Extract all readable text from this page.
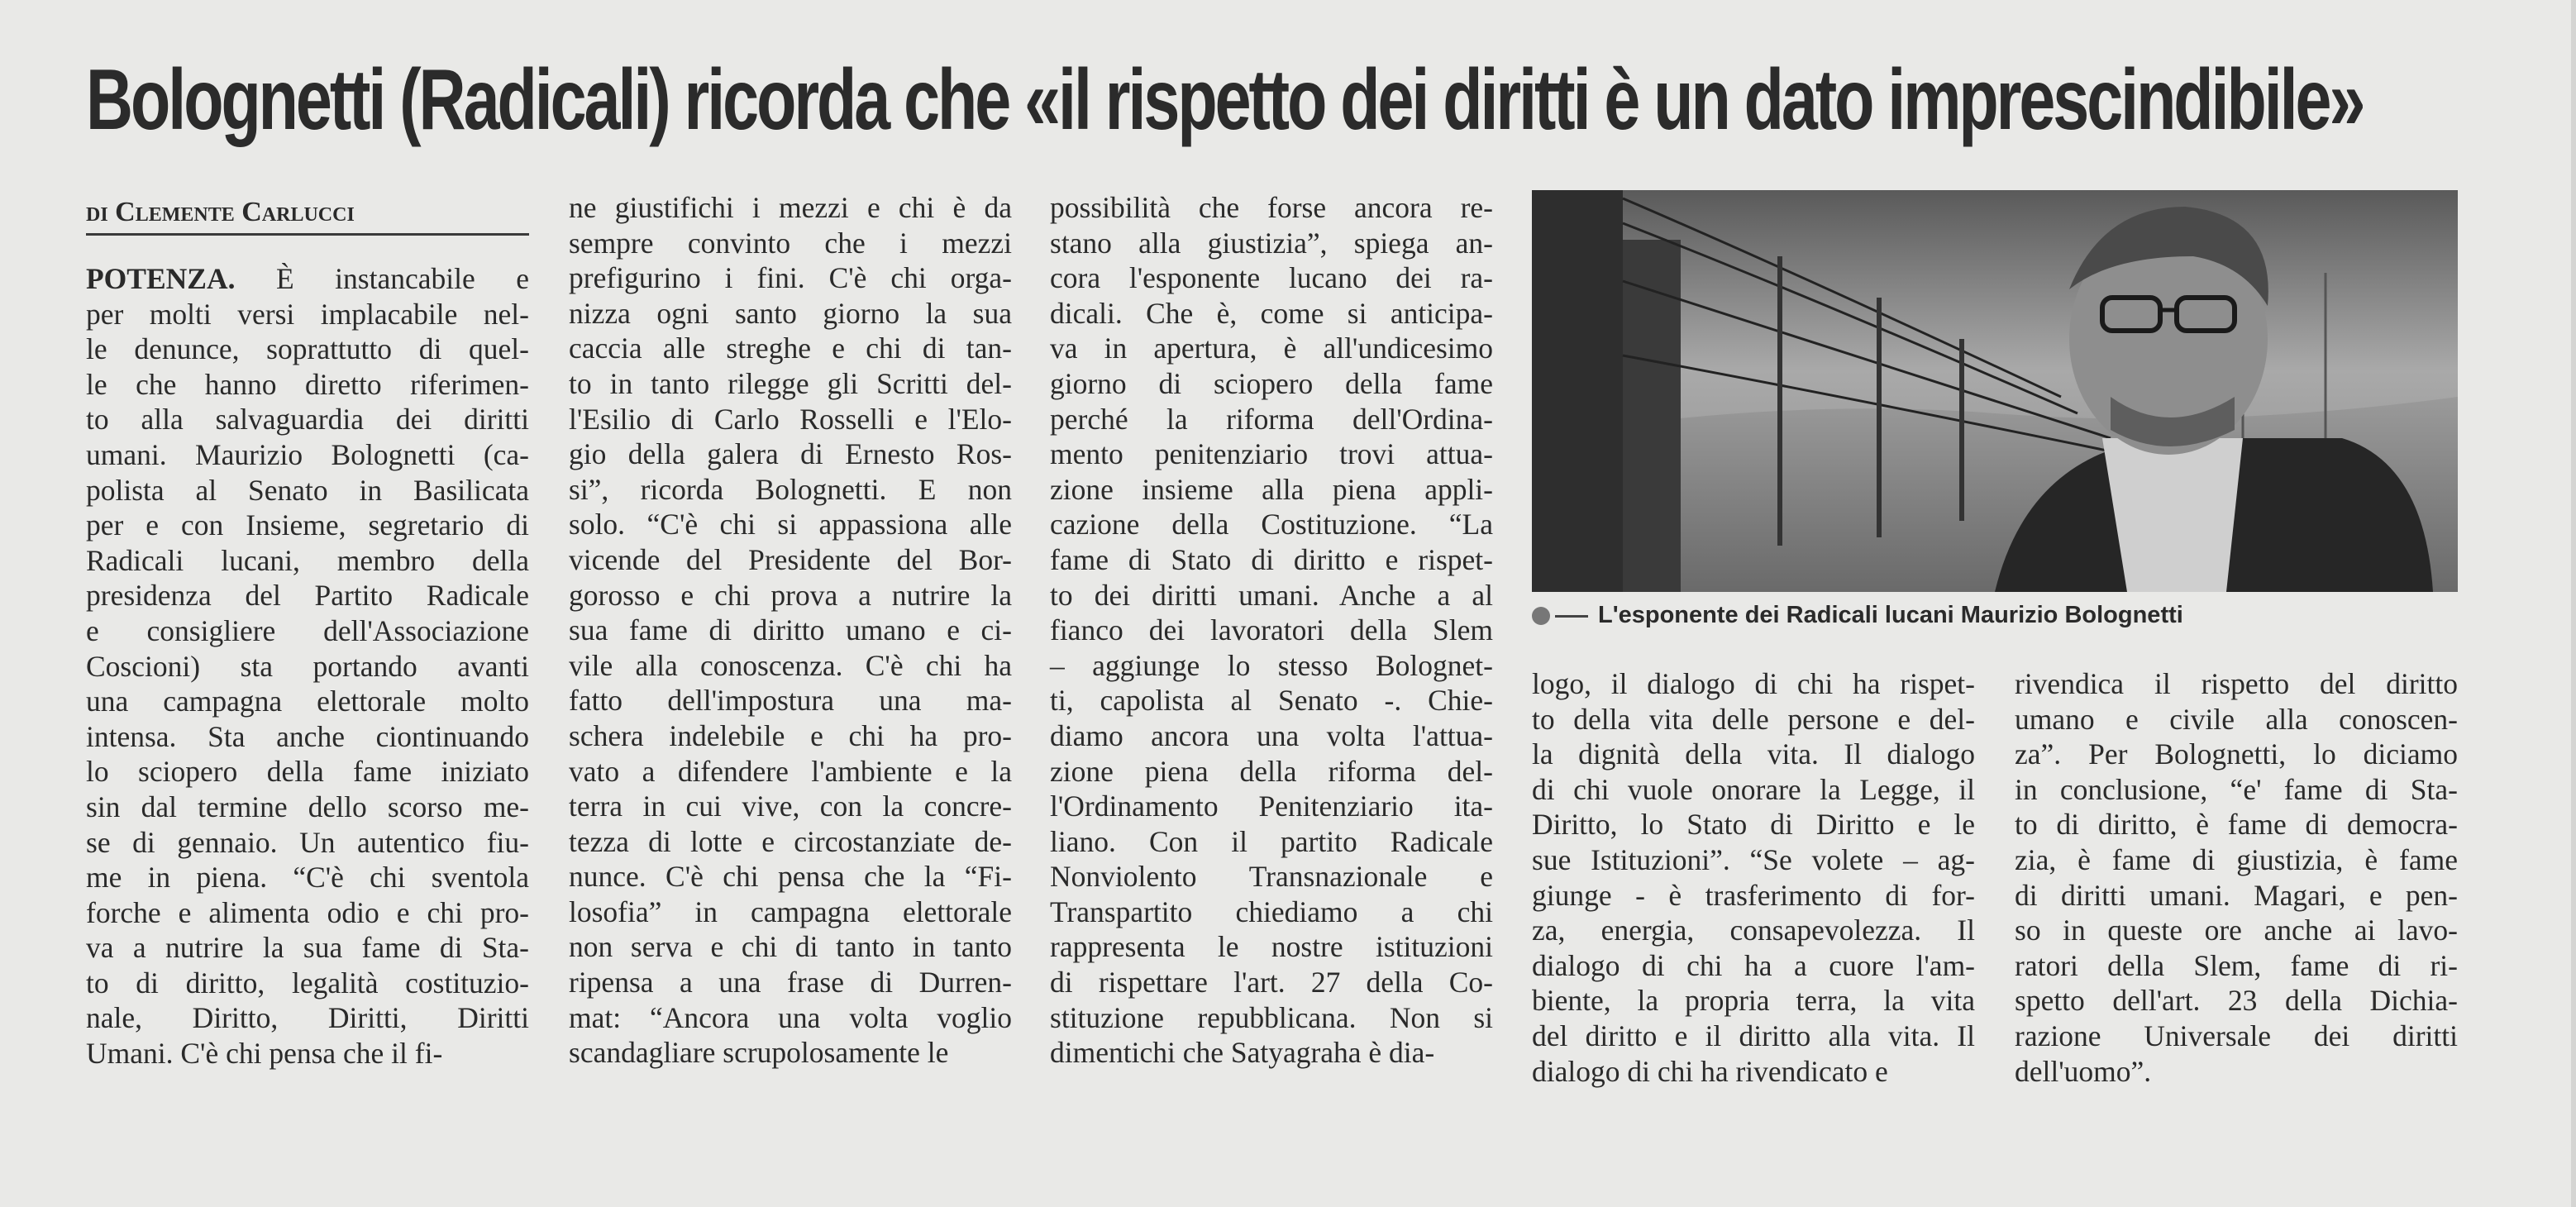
Bolognetti (Radicali) ricorda che «il rispetto dei diritti è un dato imprescindibile»
di Clemente Carlucci
POTENZA. È instancabile e
per molti versi implacabile nel-
le denunce, soprattutto di quel-
le che hanno diretto riferimen-
to alla salvaguardia dei diritti
umani. Maurizio Bolognetti (ca-
polista al Senato in Basilicata
per e con Insieme, segretario di
Radicali lucani, membro della
presidenza del Partito Radicale
e consigliere dell'Associazione
Coscioni) sta portando avanti
una campagna elettorale molto
intensa. Sta anche ciontinuando
lo sciopero della fame iniziato
sin dal termine dello scorso me-
se di gennaio. Un autentico fiu-
me in piena. “C'è chi sventola
forche e alimenta odio e chi pro-
va a nutrire la sua fame di Sta-
to di diritto, legalità costituzio-
nale, Diritto, Diritti, Diritti
Umani. C'è chi pensa che il fi-
ne giustifichi i mezzi e chi è da
sempre convinto che i mezzi
prefigurino i fini. C'è chi orga-
nizza ogni santo giorno la sua
caccia alle streghe e chi di tan-
to in tanto rilegge gli Scritti del-
l'Esilio di Carlo Rosselli e l'Elo-
gio della galera di Ernesto Ros-
si”, ricorda Bolognetti. E non
solo. “C'è chi si appassiona alle
vicende del Presidente del Bor-
gorosso e chi prova a nutrire la
sua fame di diritto umano e ci-
vile alla conoscenza. C'è chi ha
fatto dell'impostura una ma-
schera indelebile e chi ha pro-
vato a difendere l'ambiente e la
terra in cui vive, con la concre-
tezza di lotte e circostanziate de-
nunce. C'è chi pensa che la “Fi-
losofia” in campagna elettorale
non serva e chi di tanto in tanto
ripensa a una frase di Durren-
mat: “Ancora una volta voglio
scandagliare scrupolosamente le
possibilità che forse ancora re-
stano alla giustizia”, spiega an-
cora l'esponente lucano dei ra-
dicali. Che è, come si anticipa-
va in apertura, è all'undicesimo
giorno di sciopero della fame
perché la riforma dell'Ordina-
mento penitenziario trovi attua-
zione insieme alla piena appli-
cazione della Costituzione. “La
fame di Stato di diritto e rispet-
to dei diritti umani. Anche a al
fianco dei lavoratori della Slem
– aggiunge lo stesso Bolognet-
ti, capolista al Senato -. Chie-
diamo ancora una volta l'attua-
zione piena della riforma del-
l'Ordinamento Penitenziario ita-
liano. Con il partito Radicale
Nonviolento Transnazionale e
Transpartito chiediamo a chi
rappresenta le nostre istituzioni
di rispettare l'art. 27 della Co-
stituzione repubblicana. Non si
dimentichi che Satyagraha è dia-
logo, il dialogo di chi ha rispet-
to della vita delle persone e del-
la dignità della vita. Il dialogo
di chi vuole onorare la Legge, il
Diritto, lo Stato di Diritto e le
sue Istituzioni”. “Se volete – ag-
giunge - è trasferimento di for-
za, energia, consapevolezza. Il
dialogo di chi ha a cuore l'am-
biente, la propria terra, la vita
del diritto e il diritto alla vita. Il
dialogo di chi ha rivendicato e
rivendica il rispetto del diritto
umano e civile alla conoscen-
za”. Per Bolognetti, lo diciamo
in conclusione, “e' fame di Sta-
to di diritto, è fame di democra-
zia, è fame di giustizia, è fame
di diritti umani. Magari, e pen-
so in queste ore anche ai lavo-
ratori della Slem, fame di ri-
spetto dell'art. 23 della Dichia-
razione Universale dei diritti
dell'uomo”.
L'esponente dei Radicali lucani Maurizio Bolognetti
